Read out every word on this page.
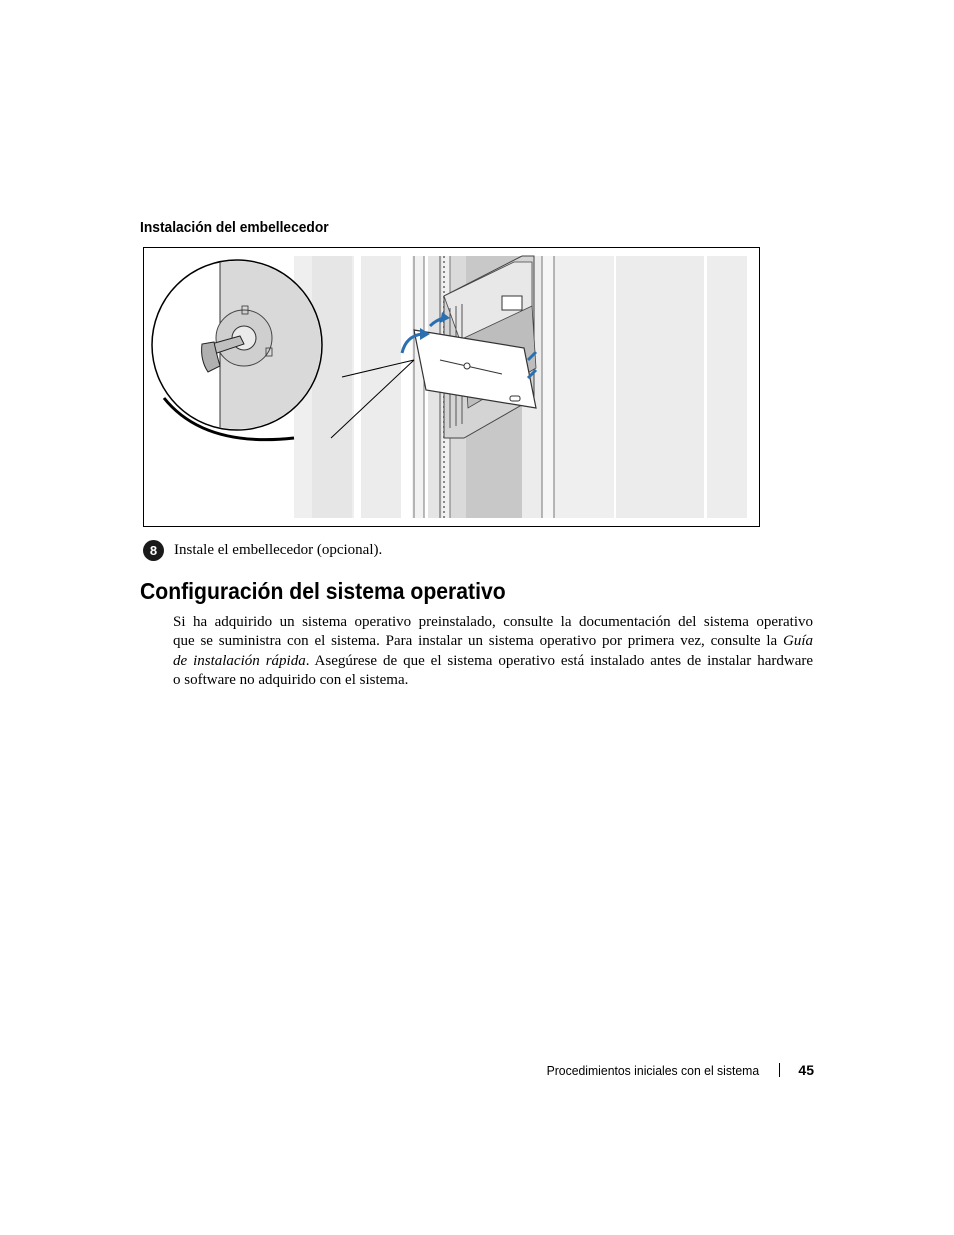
Instalación del embellecedor
8	Instale el embellecedor (opcional).
Configuración del sistema operativo

Si ha adquirido un sistema operativo preinstalado, consulte la documentación del sistema operativo
que se suministra con el sistema. Para instalar un sistema operativo por primera vez, consulte la Guía
de instalación rápida. Asegúrese de que el sistema operativo está instalado antes de instalar hardware
o software no adquirido con el sistema.

Procedimientos iniciales con el sistema	45
